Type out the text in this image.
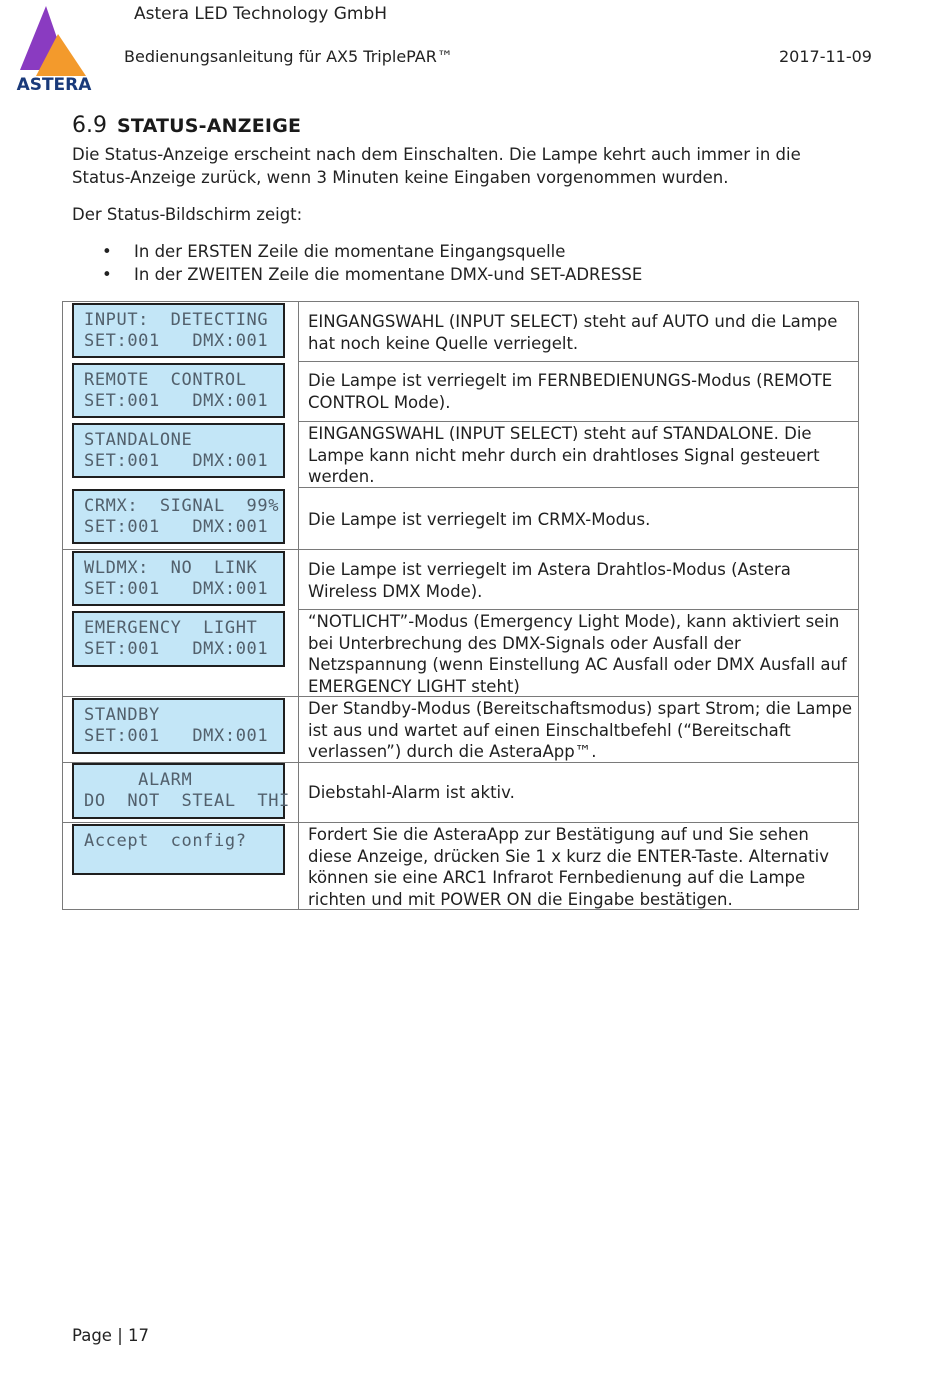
ASTERA
Astera LED Technology GmbH
Bedienungsanleitung für AX5 TriplePAR™	2017-11-09
6.9 STATUS-ANZEIGE
Die Status-Anzeige erscheint nach dem Einschalten. Die Lampe kehrt auch immer in die
Status-Anzeige zurück, wenn 3 Minuten keine Eingaben vorgenommen wurden.
Der Status-Bildschirm zeigt:
• In der ERSTEN Zeile die momentane Eingangsquelle
• In der ZWEITEN Zeile die momentane DMX-und SET-ADRESSE
INPUT:  DETECTING
SET:001   DMX:001
EINGANGSWAHL (INPUT SELECT) steht auf AUTO und die Lampe hat noch keine Quelle verriegelt.
REMOTE  CONTROL
SET:001   DMX:001
Die Lampe ist verriegelt im FERNBEDIENUNGS-Modus (REMOTE CONTROL Mode).
STANDALONE
SET:001   DMX:001
EINGANGSWAHL (INPUT SELECT) steht auf STANDALONE. Die Lampe kann nicht mehr durch ein drahtloses Signal gesteuert werden.
CRMX:  SIGNAL  99%
SET:001   DMX:001 Die Lampe ist verriegelt im CRMX-Modus.
WLDMX:  NO  LINK
SET:001   DMX:001
Die Lampe ist verriegelt im Astera Drahtlos-Modus (Astera Wireless DMX Mode).
EMERGENCY  LIGHT
SET:001   DMX:001
“NOTLICHT”-Modus (Emergency Light Mode), kann aktiviert sein bei Unterbrechung des DMX-Signals oder Ausfall der Netzspannung (wenn Einstellung AC Ausfall oder DMX Ausfall auf EMERGENCY LIGHT steht)
STANDBY
SET:001   DMX:001
Der Standby-Modus (Bereitschaftsmodus) spart Strom; die Lampe ist aus und wartet auf einen Einschaltbefehl (“Bereitschaft verlassen”) durch die AsteraApp™.
ALARM
DO  NOT  STEAL  THI Diebstahl-Alarm ist aktiv.
Accept  config?	Fordert Sie die AsteraApp zur Bestätigung auf und Sie sehen diese Anzeige, drücken Sie 1 x kurz die ENTER-Taste. Alternativ können sie eine ARC1 Infrarot Fernbedienung auf die Lampe richten und mit POWER ON die Eingabe bestätigen.
Page | 17
